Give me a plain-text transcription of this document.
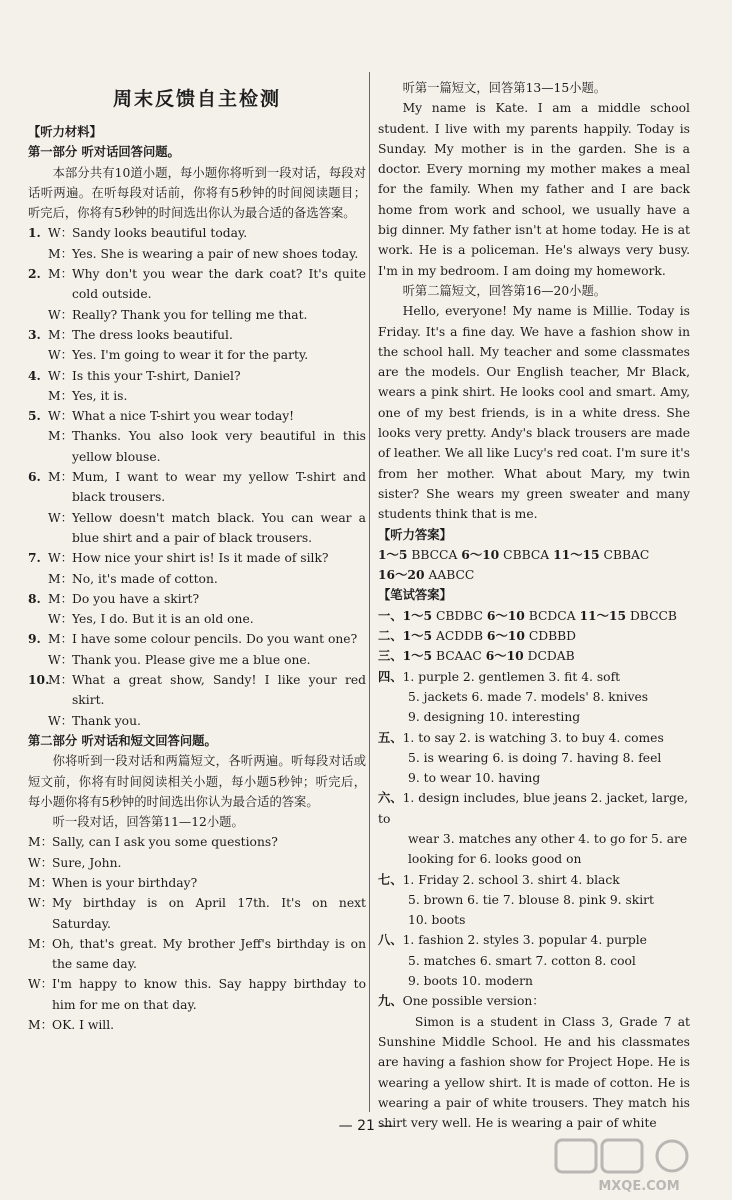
周末反馈自主检测

【听力材料】

第一部分 听对话回答问题。

本部分共有10道小题，每小题你将听到一段对话，每段对话听两遍。在听每段对话前，你将有5秒钟的时间阅读题目；听完后，你将有5秒钟的时间选出你认为最合适的备选答案。

1. W： Sandy looks beautiful today.
M： Yes. She is wearing a pair of new shoes today.
2. M： Why don't you wear the dark coat? It's quite cold outside.
W： Really? Thank you for telling me that.
3. M： The dress looks beautiful.
W： Yes. I'm going to wear it for the party.
4. W： Is this your T-shirt, Daniel?
M： Yes, it is.
5. W： What a nice T-shirt you wear today!
M： Thanks. You also look very beautiful in this yellow blouse.
6. M： Mum, I want to wear my yellow T-shirt and black trousers.
W： Yellow doesn't match black. You can wear a blue shirt and a pair of black trousers.
7. W： How nice your shirt is! Is it made of silk?
M： No, it's made of cotton.
8. M： Do you have a skirt?
W： Yes, I do. But it is an old one.
9. M： I have some colour pencils. Do you want one?
W： Thank you. Please give me a blue one.
10.
M： What a great show, Sandy! I like your red skirt.
W： Thank you.

第二部分 听对话和短文回答问题。

你将听到一段对话和两篇短文，各听两遍。听每段对话或短文前，你将有时间阅读相关小题，每小题5秒钟；听完后，每小题你将有5秒钟的时间选出你认为最合适的答案。

听一段对话，回答第11—12小题。

M： Sally, can I ask you some questions?
W： Sure, John.
M： When is your birthday?
W： My birthday is on April 17th. It's on next Saturday.
M： Oh, that's great. My brother Jeff's birthday is on the same day.
W： I'm happy to know this. Say happy birthday to him for me on that day.
M： OK. I will.

听第一篇短文，回答第13—15小题。

My name is Kate. I am a middle school student. I live with my parents happily. Today is Sunday. My mother is in the garden. She is a doctor. Every morning my mother makes a meal for the family. When my father and I are back home from work and school, we usually have a big dinner. My father isn't at home today. He is at work. He is a policeman. He's always very busy. I'm in my bedroom. I am doing my homework.

听第二篇短文，回答第16—20小题。

Hello, everyone! My name is Millie. Today is Friday. It's a fine day. We have a fashion show in the school hall. My teacher and some classmates are the models. Our English teacher, Mr Black, wears a pink shirt. He looks cool and smart. Amy, one of my best friends, is in a white dress. She looks very pretty. Andy's black trousers are made of leather. We all like Lucy's red coat. I'm sure it's from her mother. What about Mary, my twin sister? She wears my green sweater and many students think that is me.

【听力答案】

1～5 BBCCA 6～10 CBBCA 11～15 CBBAC

16～20 AABCC

【笔试答案】

一、1～5 CBDBC 6～10 BCDCA 11～15 DBCCB

二、1～5 ACDDB 6～10 CDBBD

三、1～5 BCAAC 6～10 DCDAB

四、1. purple 2. gentlemen 3. fit 4. soft

5. jackets 6. made 7. models' 8. knives

9. designing 10. interesting

五、1. to say 2. is watching 3. to buy 4. comes

5. is wearing 6. is doing 7. having 8. feel

9. to wear 10. having

六、1. design includes, blue jeans 2. jacket, large, to

wear 3. matches any other 4. to go for 5. are

looking for 6. looks good on

七、1. Friday 2. school 3. shirt 4. black

5. brown 6. tie 7. blouse 8. pink 9. skirt

10. boots

八、1. fashion 2. styles 3. popular 4. purple

5. matches 6. smart 7. cotton 8. cool

9. boots 10. modern

九、One possible version：

Simon is a student in Class 3, Grade 7 at Sunshine Middle School. He and his classmates are having a fashion show for Project Hope. He is wearing a yellow shirt. It is made of cotton. He is wearing a pair of white trousers. They match his shirt very well. He is wearing a pair of white

— 21 —
MXQE.COM
